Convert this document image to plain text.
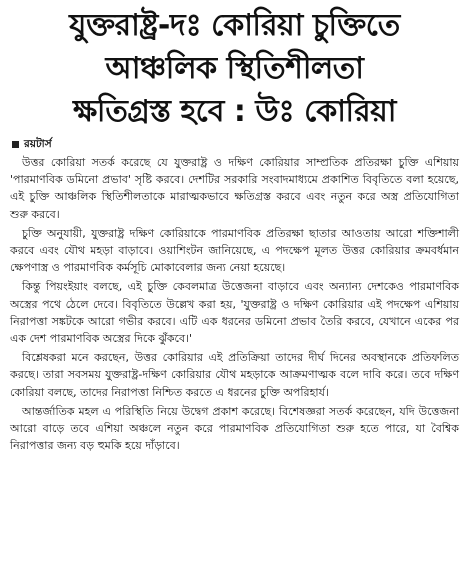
যুক্তরাষ্ট্র-দঃ কোরিয়া চুক্তিতে
আঞ্চলিক স্থিতিশীলতা
ক্ষতিগ্রস্ত হবে : উঃ কোরিয়া
রয়টার্স

উত্তর কোরিয়া সতর্ক করেছে যে যুক্তরাষ্ট্র ও দক্ষিণ কোরিয়ার সাম্প্রতিক প্রতিরক্ষা চুক্তি এশিয়ায় 'পারমাণবিক ডমিনো প্রভাব' সৃষ্টি করবে। দেশটির সরকারি সংবাদমাধ্যমে প্রকাশিত বিবৃতিতে বলা হয়েছে, এই চুক্তি আঞ্চলিক স্থিতিশীলতাকে মারাত্মকভাবে ক্ষতিগ্রস্ত করবে এবং নতুন করে অস্ত্র প্রতিযোগিতা শুরু করবে।

চুক্তি অনুযায়ী, যুক্তরাষ্ট্র দক্ষিণ কোরিয়াকে পারমাণবিক প্রতিরক্ষা ছাতার আওতায় আরো শক্তিশালী করবে এবং যৌথ মহড়া বাড়াবে। ওয়াশিংটন জানিয়েছে, এ পদক্ষেপ মূলত উত্তর কোরিয়ার ক্রমবর্ধমান ক্ষেপণাস্ত্র ও পারমাণবিক কর্মসূচি মোকাবেলার জন্য নেয়া হয়েছে।

কিন্তু পিয়ংইয়াং বলছে, এই চুক্তি কেবলমাত্র উত্তেজনা বাড়াবে এবং অন্যান্য দেশকেও পারমাণবিক অস্ত্রের পথে ঠেলে দেবে। বিবৃতিতে উল্লেখ করা হয়, 'যুক্তরাষ্ট্র ও দক্ষিণ কোরিয়ার এই পদক্ষেপ এশিয়ায় নিরাপত্তা সঙ্কটকে আরো গভীর করবে। এটি এক ধরনের ডমিনো প্রভাব তৈরি করবে, যেখানে একের পর এক দেশ পারমাণবিক অস্ত্রের দিকে ঝুঁকবে।'

বিশ্লেষকরা মনে করছেন, উত্তর কোরিয়ার এই প্রতিক্রিয়া তাদের দীর্ঘ দিনের অবস্থানকে প্রতিফলিত করছে। তারা সবসময় যুক্তরাষ্ট্র-দক্ষিণ কোরিয়ার যৌথ মহড়াকে আক্রমণাত্মক বলে দাবি করে। তবে দক্ষিণ কোরিয়া বলছে, তাদের নিরাপত্তা নিশ্চিত করতে এ ধরনের চুক্তি অপরিহার্য।

আন্তর্জাতিক মহল এ পরিস্থিতি নিয়ে উদ্বেগ প্রকাশ করেছে। বিশেষজ্ঞরা সতর্ক করেছেন, যদি উত্তেজনা আরো বাড়ে তবে এশিয়া অঞ্চলে নতুন করে পারমাণবিক প্রতিযোগিতা শুরু হতে পারে, যা বৈশ্বিক নিরাপত্তার জন্য বড় হুমকি হয়ে দাঁড়াবে।
